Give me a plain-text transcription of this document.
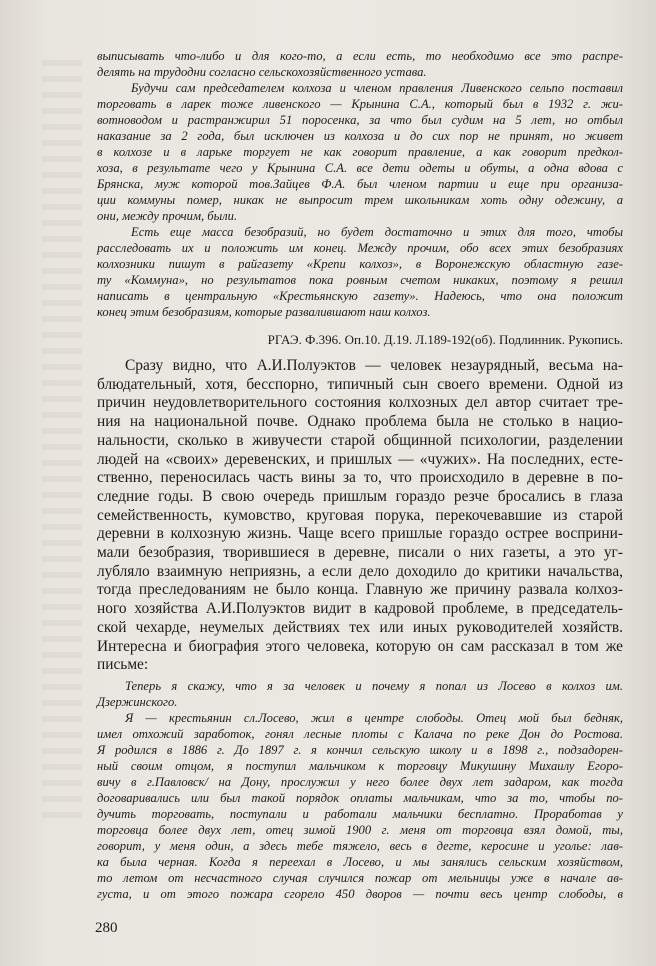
выписывать что-либо и для кого-то, а если есть, то необходимо все это распре-
делять на трудодни согласно сельскохозяйственного устава.
Будучи сам председателем колхоза и членом правления Ливенского сельпо поставил
торговать в ларек тоже ливенского — Крынина С.А., который был в 1932 г. жи-
вотноводом и растранжирил 51 поросенка, за что был судим на 5 лет, но отбыл
наказание за 2 года, был исключен из колхоза и до сих пор не принят, но живет
в колхозе и в ларьке торгует не как говорит правление, а как говорит предкол-
хоза, в результате чего у Крынина С.А. все дети одеты и обуты, а одна вдова с
Брянска, муж которой тов.Зайцев Ф.А. был членом партии и еще при организа-
ции коммуны помер, никак не выпросит трем школьникам хоть одну одежину, а
они, между прочим, были.
Есть еще масса безобразий, но будет достаточно и этих для того, чтобы
расследовать их и положить им конец. Между прочим, обо всех этих безобразиях
колхозники пишут в райгазету «Крепи колхоз», в Воронежскую областную газе-
ту «Коммуна», но результатов пока ровным счетом никаких, поэтому я решил
написать в центральную «Крестьянскую газету». Надеюсь, что она положит
конец этим безобразиям, которые развалившают наш колхоз.
РГАЭ. Ф.396. Оп.10. Д.19. Л.189-192(об). Подлинник. Рукопись.
Сразу видно, что А.И.Полуэктов — человек незаурядный, весьма на-
блюдательный, хотя, бесспорно, типичный сын своего времени. Одной из
причин неудовлетворительного состояния колхозных дел автор считает тре-
ния на национальной почве. Однако проблема была не столько в нацио-
нальности, сколько в живучести старой общинной психологии, разделении
людей на «своих» деревенских, и пришлых — «чужих». На последних, есте-
ственно, переносилась часть вины за то, что происходило в деревне в по-
следние годы. В свою очередь пришлым гораздо резче бросались в глаза
семейственность, кумовство, круговая порука, перекочевавшие из старой
деревни в колхозную жизнь. Чаще всего пришлые гораздо острее восприни-
мали безобразия, творившиеся в деревне, писали о них газеты, а это уг-
лубляло взаимную неприязнь, а если дело доходило до критики начальства,
тогда преследованиям не было конца. Главную же причину развала колхоз-
ного хозяйства А.И.Полуэктов видит в кадровой проблеме, в председатель-
ской чехарде, неумелых действиях тех или иных руководителей хозяйств.
Интересна и биография этого человека, которую он сам рассказал в том же
письме:
Теперь я скажу, что я за человек и почему я попал из Лосево в колхоз им.
Дзержинского.
Я — крестьянин сл.Лосево, жил в центре слободы. Отец мой был бедняк,
имел отхожий заработок, гонял лесные плоты с Калача по реке Дон до Ростова.
Я родился в 1886 г. До 1897 г. я кончил сельскую школу и в 1898 г., подзадорен-
ный своим отцом, я поступил мальчиком к торговцу Микушину Михаилу Егоро-
вичу в г.Павловск/ на Дону, прослужил у него более двух лет задаром, как тогда
договаривались или был такой порядок оплаты мальчикам, что за то, чтобы по-
дучить торговать, поступали и работали мальчики бесплатно. Проработав у
торговца более двух лет, отец зимой 1900 г. меня от торговца взял домой, ты,
говорит, у меня один, а здесь тебе тяжело, весь в дегте, керосине и угольe: лав-
ка была черная. Когда я переехал в Лосево, и мы занялись сельским хозяйством,
то летом от несчастного случая случился пожар от мельницы уже в начале ав-
густа, и от этого пожара сгорело 450 дворов — почти весь центр слободы, в
280
